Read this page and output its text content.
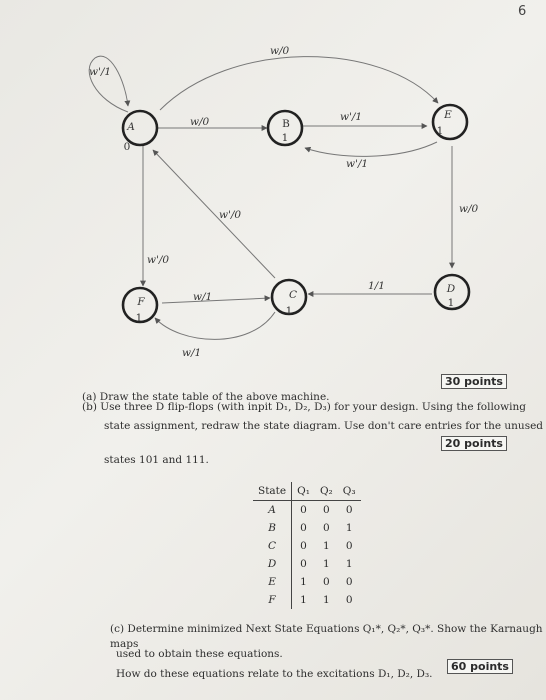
6
A
0
B
1
E
1
F
1
C
1
D
1
w'/1
w/0
w/0	w'/1
w'/1
w'/0
w'/0
w/1
w/1
w/0
1/1
(a) Draw the state table of the above machine.
30 points
(b) Use three D flip-flops (with inpit D₁, D₂, D₃) for your design. Using the following
state assignment, redraw the state diagram. Use don't care entries for the unused
20 points
states 101 and 111.
State	Q₁	Q₂	Q₃
A	0	0	0
B	0	0	1
C	0	1	0
D	0	1	1
E	1	0	0
F	1	1	0
(c) Determine minimized Next State Equations Q₁*, Q₂*, Q₃*. Show the Karnaugh maps
used to obtain these equations.
60 points
How do these equations relate to the excitations D₁, D₂, D₃.
